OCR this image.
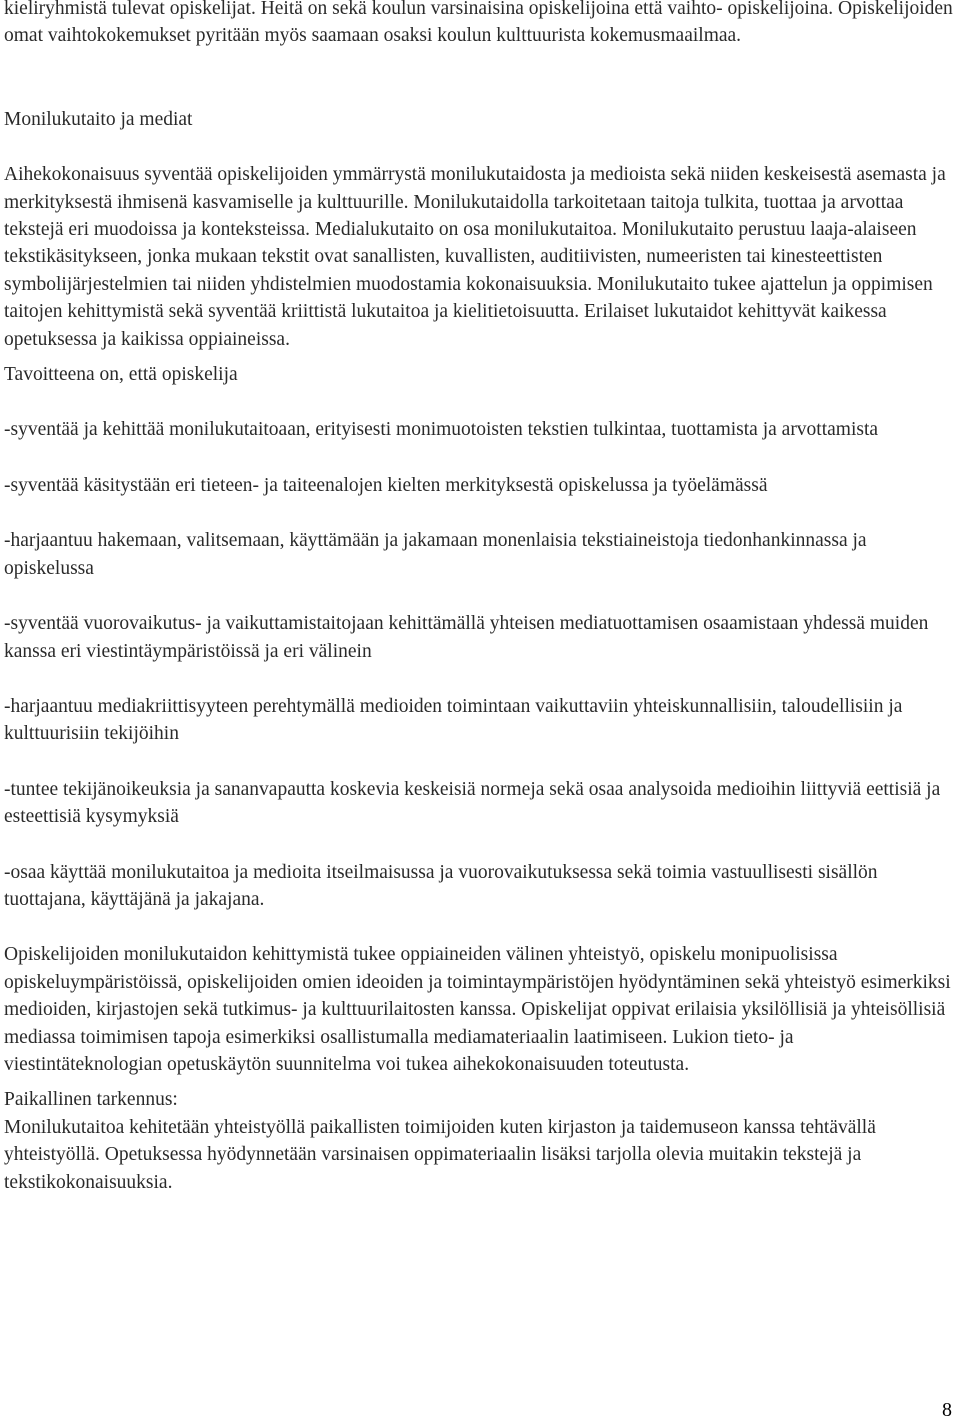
kieliryhmistä tulevat opiskelijat. Heitä on sekä koulun varsinaisina opiskelijoina että vaihto- opiskelijoina. Opiskelijoiden omat vaihtokokemukset pyritään myös saamaan osaksi koulun kulttuurista kokemusmaailmaa.

Monilukutaito ja mediat

Aihekokonaisuus syventää opiskelijoiden ymmärrystä monilukutaidosta ja medioista sekä niiden keskeisestä asemasta ja merkityksestä ihmisenä kasvamiselle ja kulttuurille. Monilukutaidolla tarkoitetaan taitoja tulkita, tuottaa ja arvottaa tekstejä eri muodoissa ja konteksteissa. Medialukutaito on osa monilukutaitoa. Monilukutaito perustuu laaja-alaiseen tekstikäsitykseen, jonka mukaan tekstit ovat sanallisten, kuvallisten, auditiivisten, numeeristen tai kinesteettisten symbolijärjestelmien tai niiden yhdistelmien muodostamia kokonaisuuksia. Monilukutaito tukee ajattelun ja oppimisen taitojen kehittymistä sekä syventää kriittistä lukutaitoa ja kielitietoisuutta. Erilaiset lukutaidot kehittyvät kaikessa opetuksessa ja kaikissa oppiaineissa.

Tavoitteena on, että opiskelija

-syventää ja kehittää monilukutaitoaan, erityisesti monimuotoisten tekstien tulkintaa, tuottamista ja arvottamista

-syventää käsitystään eri tieteen- ja taiteenalojen kielten merkityksestä opiskelussa ja työelämässä

-harjaantuu hakemaan, valitsemaan, käyttämään ja jakamaan monenlaisia tekstiaineistoja tiedonhankinnassa ja opiskelussa

-syventää vuorovaikutus- ja vaikuttamistaitojaan kehittämällä yhteisen mediatuottamisen osaamistaan yhdessä muiden kanssa eri viestintäympäristöissä ja eri välinein

-harjaantuu mediakriittisyyteen perehtymällä medioiden toimintaan vaikuttaviin yhteiskunnallisiin, taloudellisiin ja kulttuurisiin tekijöihin

-tuntee tekijänoikeuksia ja sananvapautta koskevia keskeisiä normeja sekä osaa analysoida medioihin liittyviä eettisiä ja esteettisiä kysymyksiä

-osaa käyttää monilukutaitoa ja medioita itseilmaisussa ja vuorovaikutuksessa sekä toimia vastuullisesti sisällön tuottajana, käyttäjänä ja jakajana.

Opiskelijoiden monilukutaidon kehittymistä tukee oppiaineiden välinen yhteistyö, opiskelu monipuolisissa opiskeluympäristöissä, opiskelijoiden omien ideoiden ja toimintaympäristöjen hyödyntäminen sekä yhteistyö esimerkiksi medioiden, kirjastojen sekä tutkimus- ja kulttuurilaitosten kanssa. Opiskelijat oppivat erilaisia yksilöllisiä ja yhteisöllisiä mediassa toimimisen tapoja esimerkiksi osallistumalla mediamateriaalin laatimiseen. Lukion tieto- ja viestintäteknologian opetuskäytön suunnitelma voi tukea aihekokonaisuuden toteutusta.

Paikallinen tarkennus:

Monilukutaitoa kehitetään yhteistyöllä paikallisten toimijoiden kuten kirjaston ja taidemuseon kanssa tehtävällä yhteistyöllä. Opetuksessa hyödynnetään varsinaisen oppimateriaalin lisäksi tarjolla olevia muitakin tekstejä ja tekstikokonaisuuksia.

8
